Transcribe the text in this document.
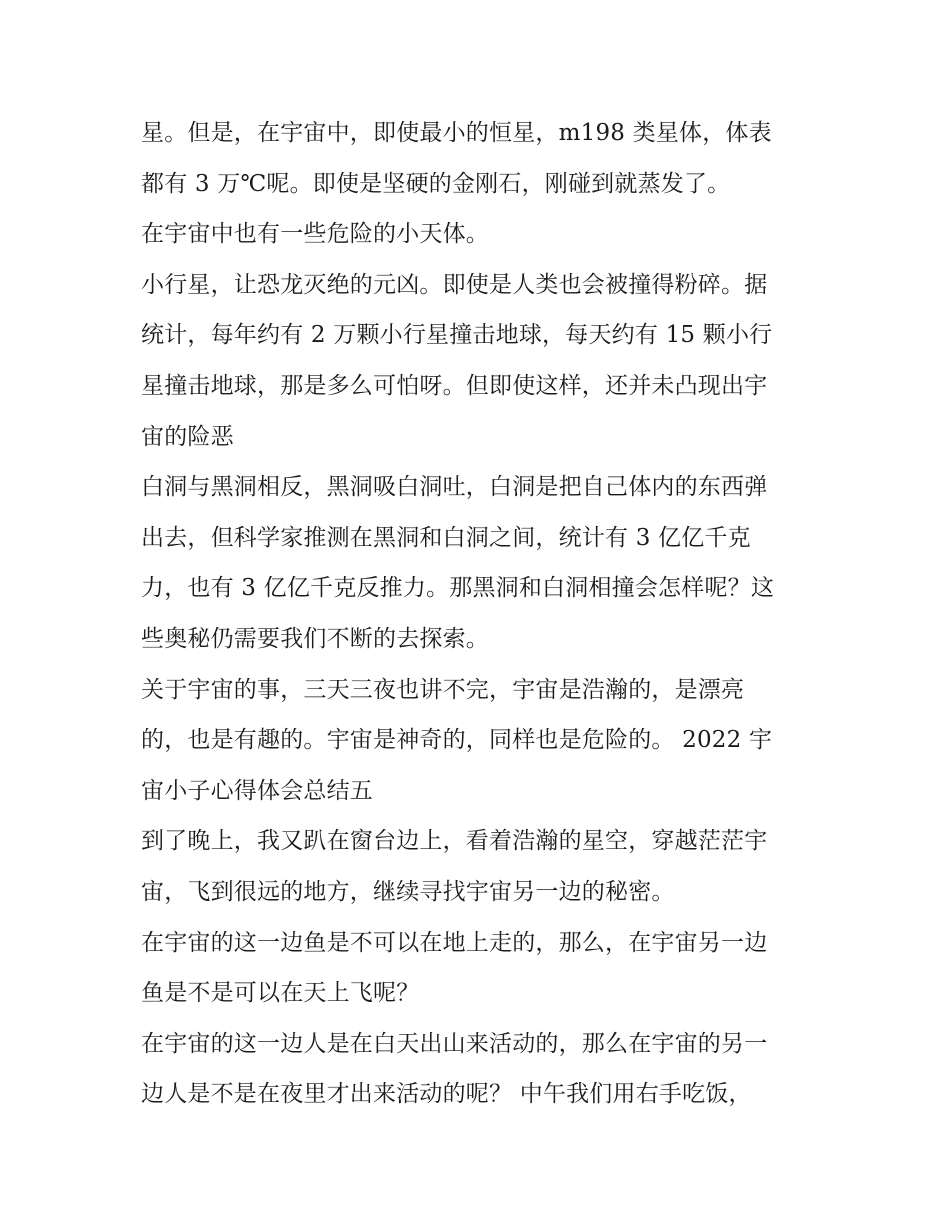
星。但是，在宇宙中，即使最小的恒星，m198 类星体，体表
都有 3 万℃呢。即使是坚硬的金刚石，刚碰到就蒸发了。
在宇宙中也有一些危险的小天体。
小行星，让恐龙灭绝的元凶。即使是人类也会被撞得粉碎。据
统计，每年约有 2 万颗小行星撞击地球，每天约有 15 颗小行
星撞击地球，那是多么可怕呀。但即使这样，还并未凸现出宇
宙的险恶
白洞与黑洞相反，黑洞吸白洞吐，白洞是把自己体内的东西弹
出去，但科学家推测在黑洞和白洞之间，统计有 3 亿亿千克
力，也有 3 亿亿千克反推力。那黑洞和白洞相撞会怎样呢？这
些奥秘仍需要我们不断的去探索。
关于宇宙的事，三天三夜也讲不完，宇宙是浩瀚的，是漂亮
的，也是有趣的。宇宙是神奇的，同样也是危险的。 2022 宇
宙小子心得体会总结五
到了晚上，我又趴在窗台边上，看着浩瀚的星空，穿越茫茫宇
宙，飞到很远的地方，继续寻找宇宙另一边的秘密。
在宇宙的这一边鱼是不可以在地上走的，那么，在宇宙另一边
鱼是不是可以在天上飞呢？
在宇宙的这一边人是在白天出山来活动的，那么在宇宙的另一
边人是不是在夜里才出来活动的呢？ 中午我们用右手吃饭，
